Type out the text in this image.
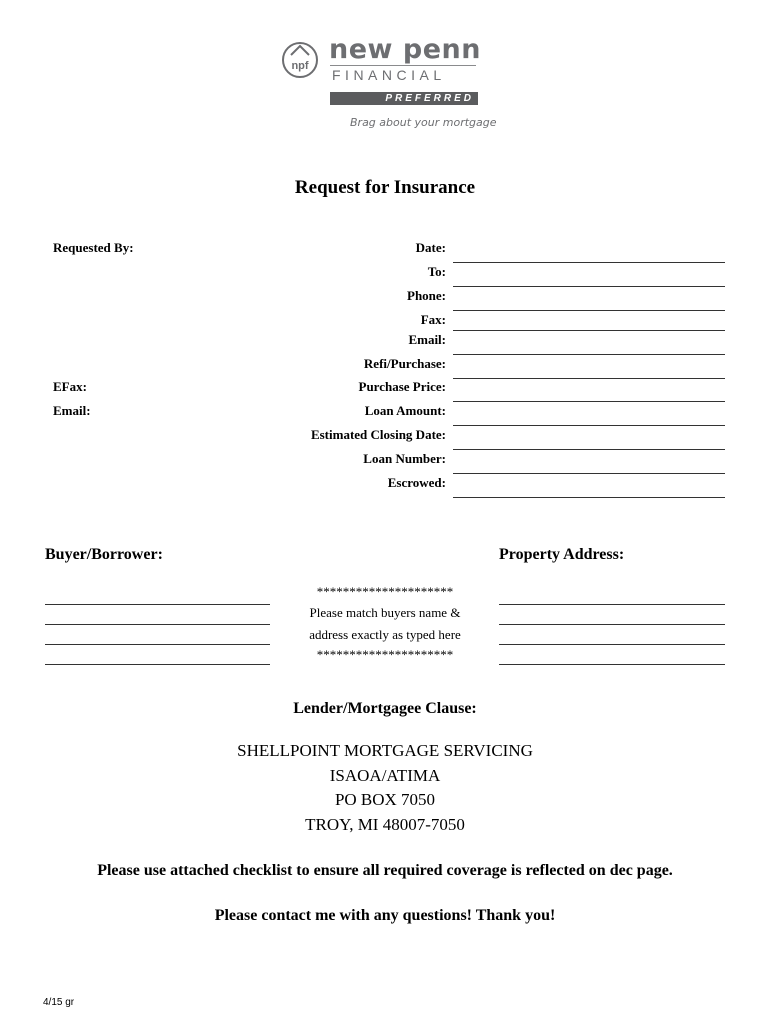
npf
new penn
FINANCIAL
PREFERRED
Brag about your mortgage
Request for Insurance
Requested By:
EFax:
Email:
Date:
To:
Phone:
Fax:
Email:
Refi/Purchase:
Purchase Price:
Loan Amount:
Estimated Closing Date:
Loan Number:
Escrowed:
Buyer/Borrower:	Property Address:
*********************
Please match buyers name &
address exactly as typed here
*********************
Lender/Mortgagee Clause:
SHELLPOINT MORTGAGE SERVICING
ISAOA/ATIMA
PO BOX 7050
TROY, MI 48007-7050
Please use attached checklist to ensure all required coverage is reflected on dec page.
Please contact me with any questions! Thank you!
4/15 gr
